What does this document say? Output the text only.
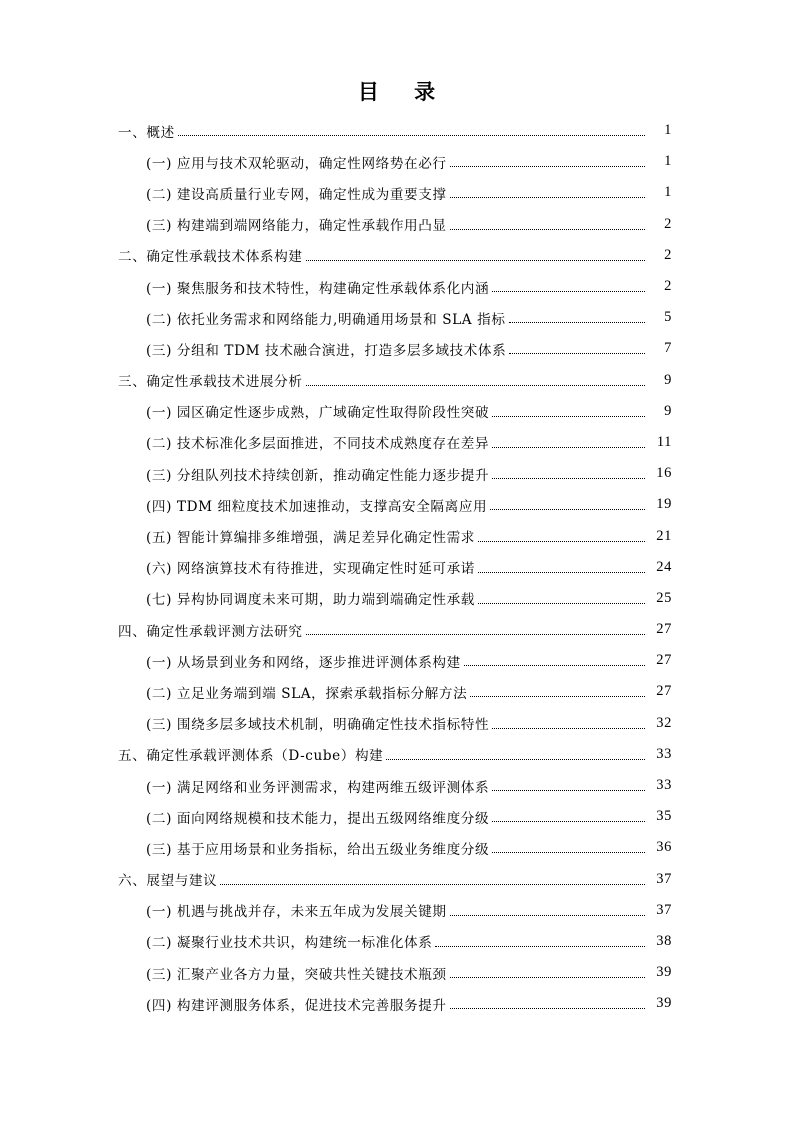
目 录
一、概述	1
(一) 应用与技术双轮驱动，确定性网络势在必行	1
(二) 建设高质量行业专网，确定性成为重要支撑	1
(三) 构建端到端网络能力，确定性承载作用凸显	2
二、确定性承载技术体系构建	2
(一) 聚焦服务和技术特性，构建确定性承载体系化内涵	2
(二) 依托业务需求和网络能力,明确通用场景和 SLA 指标	5
(三) 分组和 TDM 技术融合演进，打造多层多域技术体系	7
三、确定性承载技术进展分析	9
(一) 园区确定性逐步成熟，广域确定性取得阶段性突破	9
(二) 技术标准化多层面推进，不同技术成熟度存在差异	11
(三) 分组队列技术持续创新，推动确定性能力逐步提升	16
(四) TDM 细粒度技术加速推动，支撑高安全隔离应用	19
(五) 智能计算编排多维增强，满足差异化确定性需求	21
(六) 网络演算技术有待推进，实现确定性时延可承诺	24
(七) 异构协同调度未来可期，助力端到端确定性承载	25
四、确定性承载评测方法研究	27
(一) 从场景到业务和网络，逐步推进评测体系构建	27
(二) 立足业务端到端 SLA，探索承载指标分解方法	27
(三) 围绕多层多域技术机制，明确确定性技术指标特性	32
五、确定性承载评测体系（D-cube）构建	33
(一) 满足网络和业务评测需求，构建两维五级评测体系	33
(二) 面向网络规模和技术能力，提出五级网络维度分级	35
(三) 基于应用场景和业务指标，给出五级业务维度分级	36
六、展望与建议	37
(一) 机遇与挑战并存，未来五年成为发展关键期	37
(二) 凝聚行业技术共识，构建统一标准化体系	38
(三) 汇聚产业各方力量，突破共性关键技术瓶颈	39
(四) 构建评测服务体系，促进技术完善服务提升	39
